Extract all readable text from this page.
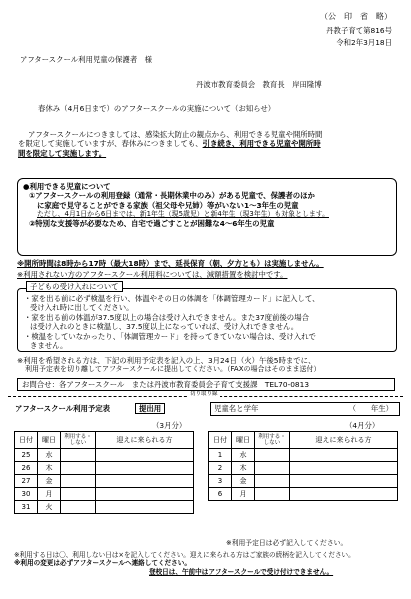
（公　印　省　略）
丹教子育て第816号
令和2年3月18日
アフタースクール利用児童の保護者　様
丹波市教育委員会　教育長　岸田隆博
春休み（4月6日まで）のアフタースクールの実施について（お知らせ）
アフタースクールにつきましては、感染拡大防止の観点から、利用できる児童や開所時間
を限定して実施していますが、春休みにつきましても、引き続き、利用できる児童や開所時
間を限定して実施します。
●利用できる児童について
①アフタースクールの利用登録（通常・長期休業中のみ）がある児童で、保護者のほか
に家庭で見守ることができる家族（祖父母や兄姉）等がいない1～3年生の児童
ただし、4月1日から6日までは、新1年生（現5歳児）と新4年生（現3年生）も対象とします。
②特別な支援等が必要なため、自宅で過ごすことが困難な4～6年生の児童
※開所時間は8時から17時（最大18時）まで、延長保育（朝、夕方とも）は実施しません。
※利用されない方のアフタースクール利用料については、減額措置を検討中です。
・家を出る前に必ず検温を行い、体温やその日の体調を「体調管理カード」に記入して、
受け入れ時に出してください。
・家を出る前の体温が37.5度以上の場合は受け入れできません。また37度前後の場合
は受け入れのときに検温し、37.5度以上になっていれば、受け入れできません。
・検温をしていなかったり、「体調管理カード」を持ってきていない場合は、受け入れで
きません。
子どもの受け入れについて
※利用を希望される方は、下記の利用予定表を記入の上、3月24日（火）午後5時までに、
利用予定表を切り離してアフタースクールに提出してください。（FAXの場合はそのまま送付）
お問合せ：各アフタースクール　または丹波市教育委員会子育て支援課　TEL70-0813
切り取り線
アフタースクール利用予定表	提出用	児童名と学年	（　　年生）
（3月分）	（4月分）
日付	曜日	利用する・しない	迎えに来られる方
25	水		
26	木		
27	金		
30	月		
31	火		
日付	曜日	利用する・しない	迎えに来られる方
1	水		
2	木		
3	金		
6	月		
※利用予定日は必ず記入してください。
※利用する日は〇、利用しない日は×を記入してください。迎えに来られる方はご家族の続柄を記入してください。
※利用の変更は必ずアフタースクールへ連絡してください。
登校日は、午前中はアフタースクールで受け付けできません。
